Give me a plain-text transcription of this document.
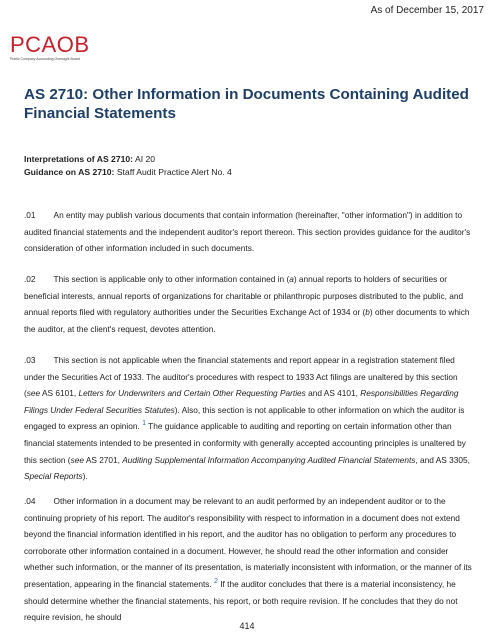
As of December 15, 2017
PCAOB
Public Company Accounting Oversight Board
AS 2710: Other Information in Documents Containing Audited Financial Statements
Interpretations of AS 2710: AI 20
Guidance on AS 2710: Staff Audit Practice Alert No. 4

.01 An entity may publish various documents that contain information (hereinafter, "other information") in addition to audited financial statements and the independent auditor's report thereon. This section provides guidance for the auditor's consideration of other information included in such documents.

.02 This section is applicable only to other information contained in (a) annual reports to holders of securities or beneficial interests, annual reports of organizations for charitable or philanthropic purposes distributed to the public, and annual reports filed with regulatory authorities under the Securities Exchange Act of 1934 or (b) other documents to which the auditor, at the client's request, devotes attention.

.03 This section is not applicable when the financial statements and report appear in a registration statement filed under the Securities Act of 1933. The auditor's procedures with respect to 1933 Act filings are unaltered by this section (see AS 6101, Letters for Underwriters and Certain Other Requesting Parties and AS 4101, Responsibilities Regarding Filings Under Federal Securities Statutes). Also, this section is not applicable to other information on which the auditor is engaged to express an opinion. $^1$ The guidance applicable to auditing and reporting on certain information other than financial statements intended to be presented in conformity with generally accepted accounting principles is unaltered by this section (see AS 2701, Auditing Supplemental Information Accompanying Audited Financial Statements, and AS 3305, Special Reports).

.04 Other information in a document may be relevant to an audit performed by an independent auditor or to the continuing propriety of his report. The auditor's responsibility with respect to information in a document does not extend beyond the financial information identified in his report, and the auditor has no obligation to perform any procedures to corroborate other information contained in a document. However, he should read the other information and consider whether such information, or the manner of its presentation, is materially inconsistent with information, or the manner of its presentation, appearing in the financial statements. $^2$ If the auditor concludes that there is a material inconsistency, he should determine whether the financial statements, his report, or both require revision. If he concludes that they do not require revision, he should

414
